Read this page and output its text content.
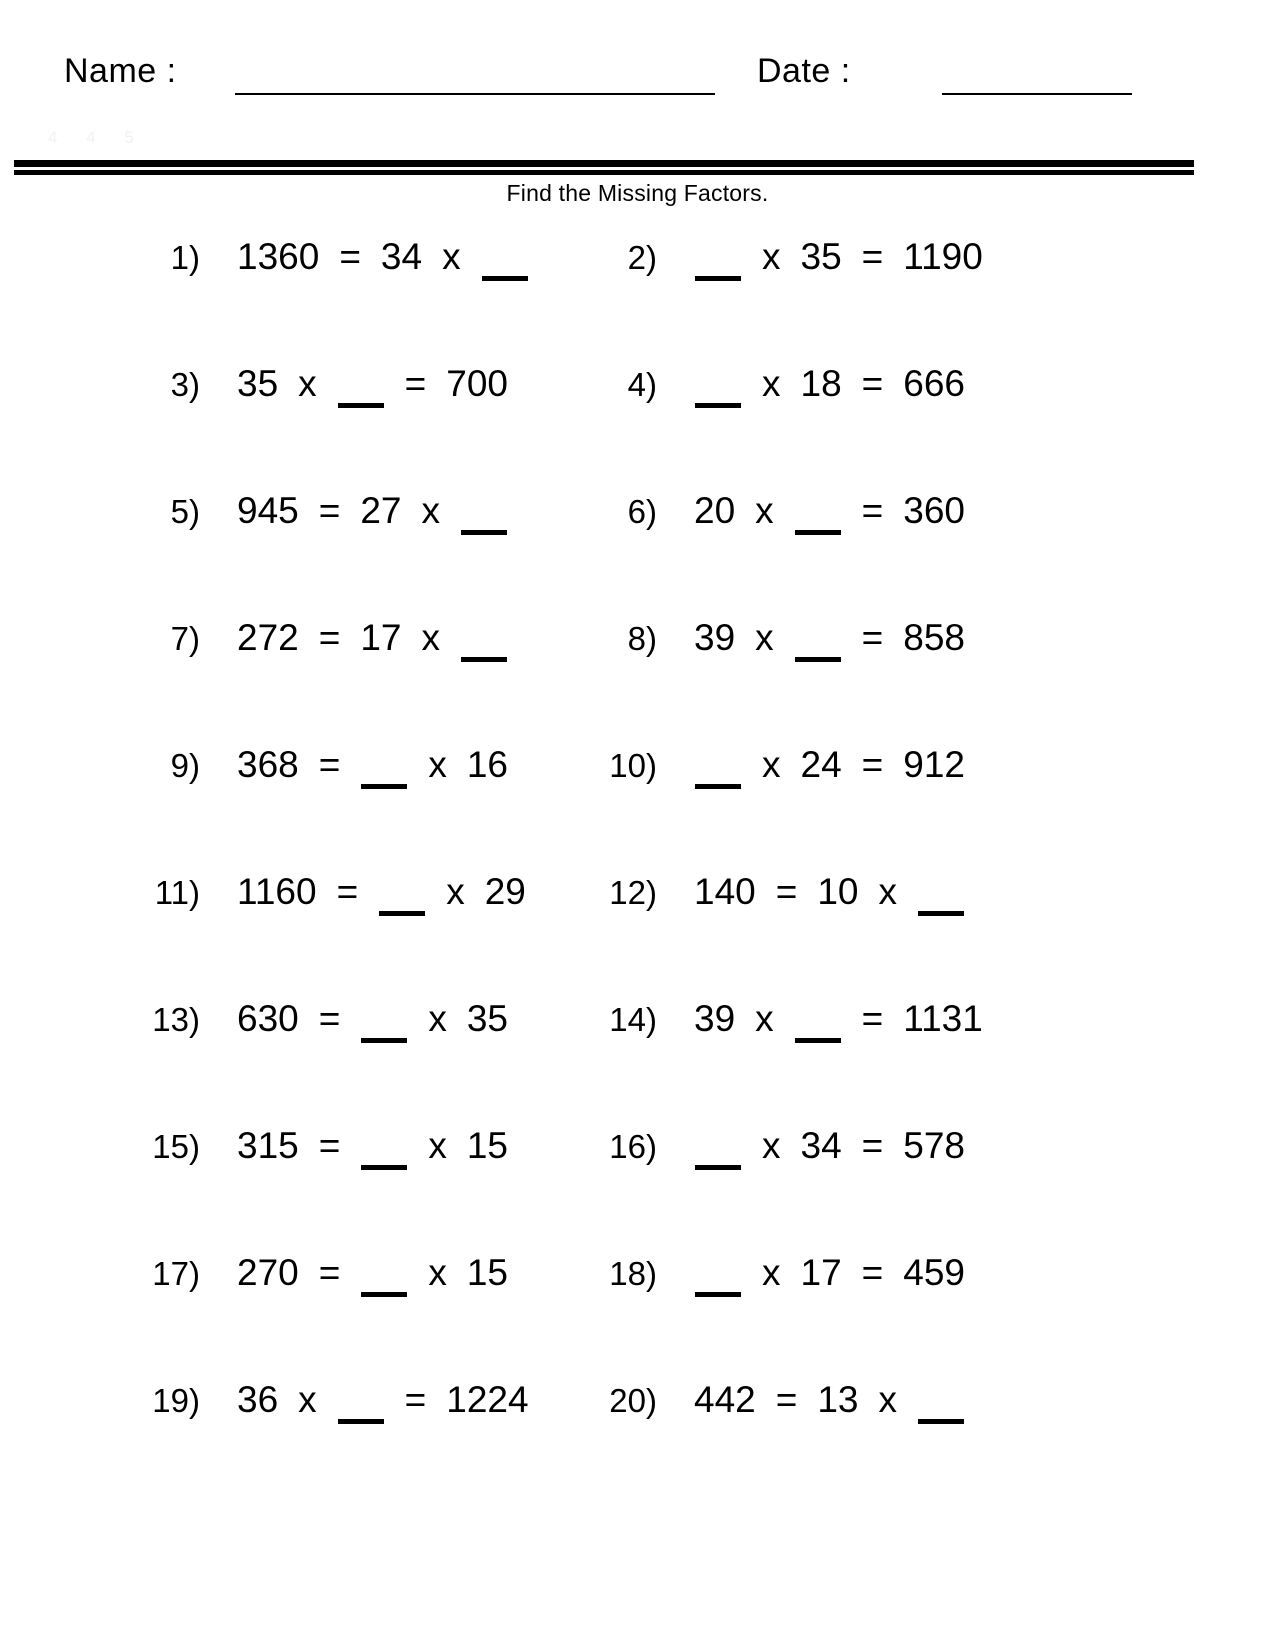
Name :	Date :
4 4 5
Find the Missing Factors.
1) 1360 = 34 x	2)	x 35 = 1190
3) 35 x = 700	4)	x 18 = 666
5) 945 = 27 x	6) 20 x = 360
7) 272 = 17 x	8) 39 x = 858
9) 368 = x 16	10)	x 24 = 912
11) 1160 = x 29	12) 140 = 10 x
13) 630 = x 35	14) 39 x = 1131
15) 315 = x 15	16)	x 34 = 578
17) 270 = x 15	18)	x 17 = 459
19) 36 x = 1224	20) 442 = 13 x
